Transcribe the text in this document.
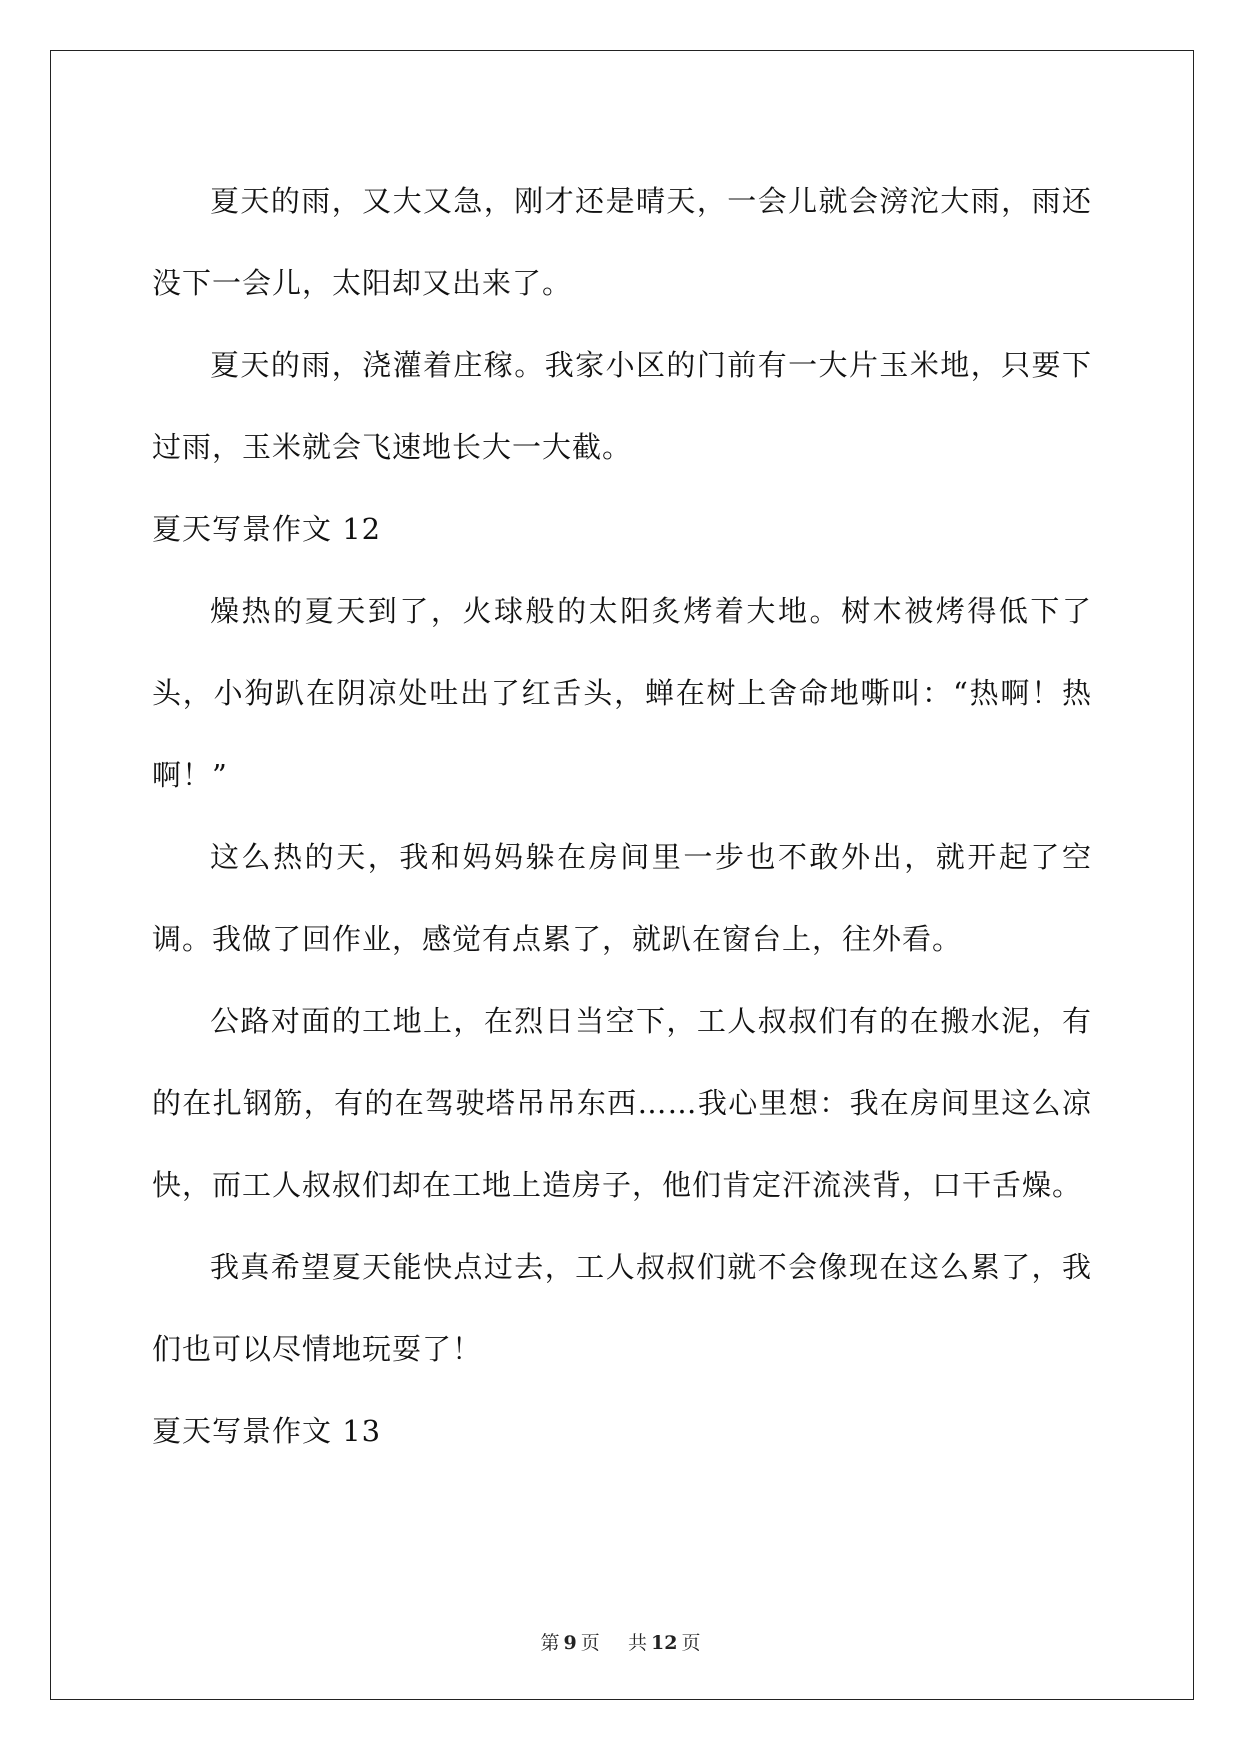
夏天的雨，又大又急，刚才还是晴天，一会儿就会滂沱大雨，雨还没下一会儿，太阳却又出来了。

夏天的雨，浇灌着庄稼。我家小区的门前有一大片玉米地，只要下过雨，玉米就会飞速地长大一大截。

夏天写景作文 12

燥热的夏天到了，火球般的太阳炙烤着大地。树木被烤得低下了头，小狗趴在阴凉处吐出了红舌头，蝉在树上舍命地嘶叫：“热啊！热啊！”

这么热的天，我和妈妈躲在房间里一步也不敢外出，就开起了空调。我做了回作业，感觉有点累了，就趴在窗台上，往外看。

公路对面的工地上，在烈日当空下，工人叔叔们有的在搬水泥，有的在扎钢筋，有的在驾驶塔吊吊东西……我心里想：我在房间里这么凉快，而工人叔叔们却在工地上造房子，他们肯定汗流浃背，口干舌燥。

我真希望夏天能快点过去，工人叔叔们就不会像现在这么累了，我们也可以尽情地玩耍了！

夏天写景作文 13

第 9 页 共 12 页
